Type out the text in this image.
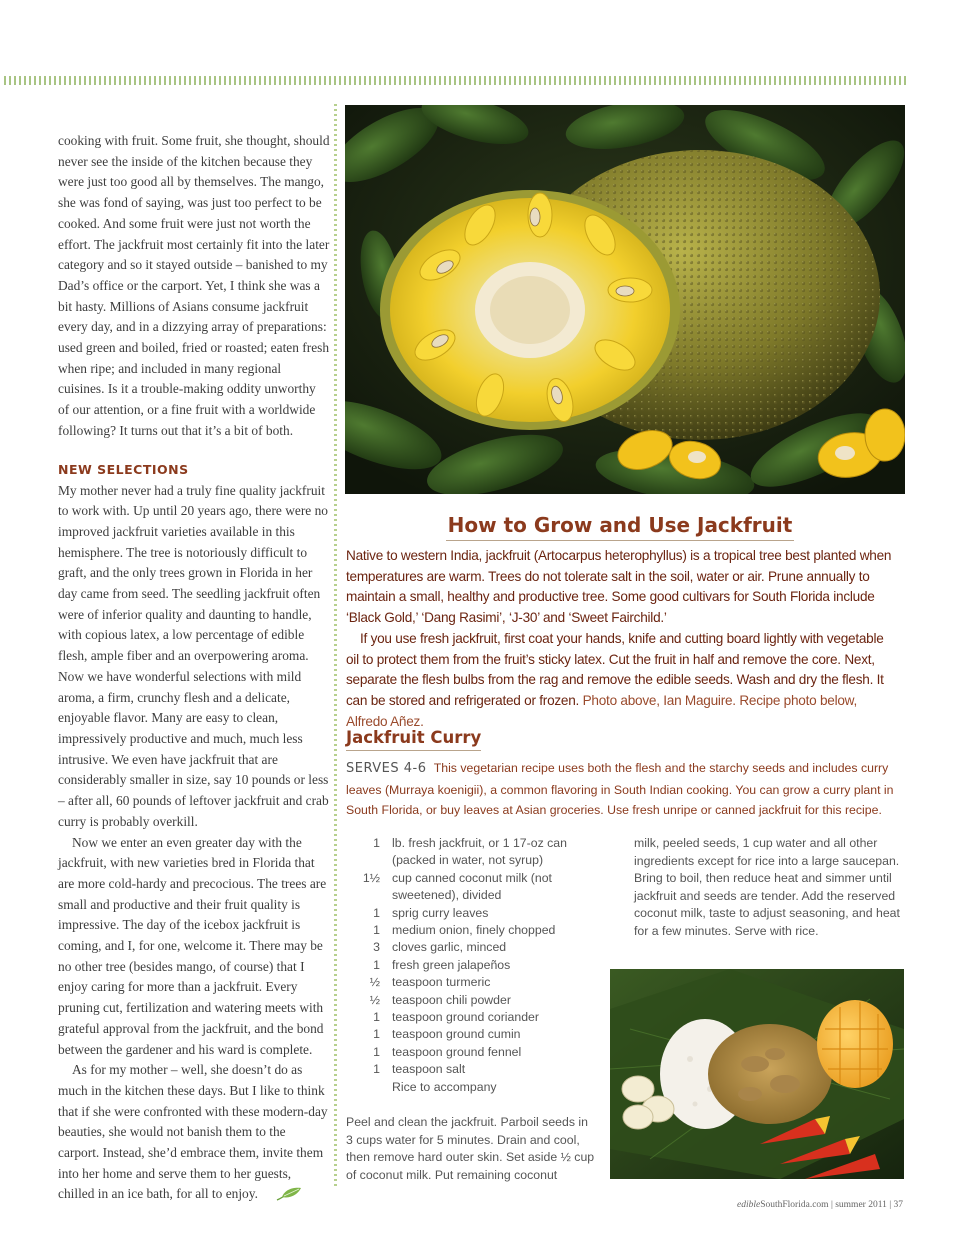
cooking with fruit. Some fruit, she thought, should never see the inside of the kitchen because they were just too good all by themselves. The mango, she was fond of saying, was just too perfect to be cooked. And some fruit were just not worth the effort. The jackfruit most certainly fit into the later category and so it stayed outside – banished to my Dad’s office or the carport. Yet, I think she was a bit hasty. Millions of Asians consume jackfruit every day, and in a dizzying array of preparations: used green and boiled, fried or roasted; eaten fresh when ripe; and included in many regional cuisines. Is it a trouble-making oddity unworthy of our attention, or a fine fruit with a worldwide following? It turns out that it’s a bit of both.

NEW SELECTIONS

My mother never had a truly fine quality jackfruit to work with. Up until 20 years ago, there were no improved jackfruit varieties available in this hemisphere. The tree is notoriously difficult to graft, and the only trees grown in Florida in her day came from seed. The seedling jackfruit often were of inferior quality and daunting to handle, with copious latex, a low percentage of edible flesh, ample fiber and an overpowering aroma. Now we have wonderful selections with mild aroma, a firm, crunchy flesh and a delicate, enjoyable flavor. Many are easy to clean, impressively productive and much, much less intrusive. We even have jackfruit that are considerably smaller in size, say 10 pounds or less – after all, 60 pounds of leftover jackfruit and crab curry is probably overkill.

Now we enter an even greater day with the jackfruit, with new varieties bred in Florida that are more cold-hardy and precocious. The trees are small and productive and their fruit quality is impressive. The day of the icebox jackfruit is coming, and I, for one, welcome it. There may be no other tree (besides mango, of course) that I enjoy caring for more than a jackfruit. Every pruning cut, fertilization and watering meets with grateful approval from the jackfruit, and the bond between the gardener and his ward is complete.

As for my mother – well, she doesn’t do as much in the kitchen these days. But I like to think that if she were confronted with these modern-day beauties, she would not banish them to the carport. Instead, she’d embrace them, invite them into her home and serve them to her guests, chilled in an ice bath, for all to enjoy.

How to Grow and Use Jackfruit

Native to western India, jackfruit (Artocarpus heterophyllus) is a tropical tree best planted when temperatures are warm. Trees do not tolerate salt in the soil, water or air. Prune annually to maintain a small, healthy and productive tree. Some good cultivars for South Florida include ‘Black Gold,’ ‘Dang Rasimi’, ‘J-30’ and ‘Sweet Fairchild.’

If you use fresh jackfruit, first coat your hands, knife and cutting board lightly with vegetable oil to protect them from the fruit’s sticky latex. Cut the fruit in half and remove the core. Next, separate the flesh bulbs from the rag and remove the edible seeds. Wash and dry the flesh. It can be stored and refrigerated or frozen. Photo above, Ian Maguire. Recipe photo below, Alfredo Añez.

Jackfruit Curry
SERVES 4-6 This vegetarian recipe uses both the flesh and the starchy seeds and includes curry leaves (Murraya koenigii), a common flavoring in South Indian cooking. You can grow a curry plant in South Florida, or buy leaves at Asian groceries. Use fresh unripe or canned jackfruit for this recipe.
1 lb. fresh jackfruit, or 1 17-oz can (packed in water, not syrup)
1½ cup canned coconut milk (not sweetened), divided
1 sprig curry leaves
1 medium onion, finely chopped
3 cloves garlic, minced
1 fresh green jalapeños
½ teaspoon turmeric
½ teaspoon chili powder
1 teaspoon ground coriander
1 teaspoon ground cumin
1 teaspoon ground fennel
1 teaspoon salt
Rice to accompany
Peel and clean the jackfruit. Parboil seeds in 3 cups water for 5 minutes. Drain and cool, then remove hard outer skin. Set aside ½ cup of coconut milk. Put remaining coconut
milk, peeled seeds, 1 cup water and all other ingredients except for rice into a large saucepan. Bring to boil, then reduce heat and simmer until jackfruit and seeds are tender. Add the reserved coconut milk, taste to adjust seasoning, and heat for a few minutes. Serve with rice.
edibleSouthFlorida.com | summer 2011 | 37
